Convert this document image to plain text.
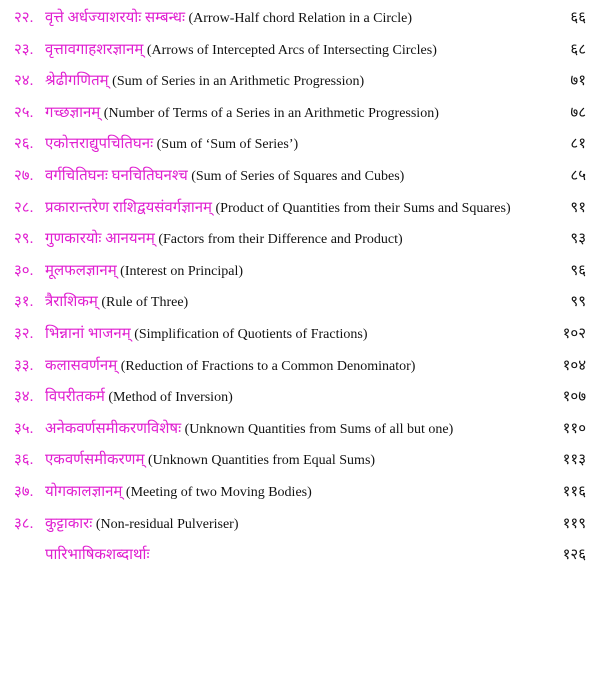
२२. वृत्ते अर्धज्याशरयोः सम्बन्धः (Arrow-Half chord Relation in a Circle)	६६
२३. वृत्तावगाहशरज्ञानम् (Arrows of Intercepted Arcs of Intersecting Circles)	६८
२४. श्रेढीगणितम् (Sum of Series in an Arithmetic Progression)	७१
२५. गच्छज्ञानम् (Number of Terms of a Series in an Arithmetic Progression)	७८
२६. एकोत्तराद्युपचितिघनः (Sum of ‘Sum of Series’)	८१
२७. वर्गचितिघनः घनचितिघनश्च (Sum of Series of Squares and Cubes)	८५
२८. प्रकारान्तरेण राशिद्वयसंवर्गज्ञानम् (Product of Quantities from their Sums and Squares)	९१
२९. गुणकारयोः आनयनम् (Factors from their Difference and Product)	९३
३०. मूलफलज्ञानम् (Interest on Principal)	९६
३१. त्रैराशिकम् (Rule of Three)	९९
३२. भिन्नानां भाजनम् (Simplification of Quotients of Fractions)	१०२
३३. कलासवर्णनम् (Reduction of Fractions to a Common Denominator)	१०४
३४. विपरीतकर्म (Method of Inversion)	१०७
३५. अनेकवर्णसमीकरणविशेषः (Unknown Quantities from Sums of all but one)	११०
३६. एकवर्णसमीकरणम् (Unknown Quantities from Equal Sums)	११३
३७. योगकालज्ञानम् (Meeting of two Moving Bodies)	११६
३८. कुट्टाकारः (Non-residual Pulveriser)	११९
पारिभाषिकशब्दार्थाः	१२६
